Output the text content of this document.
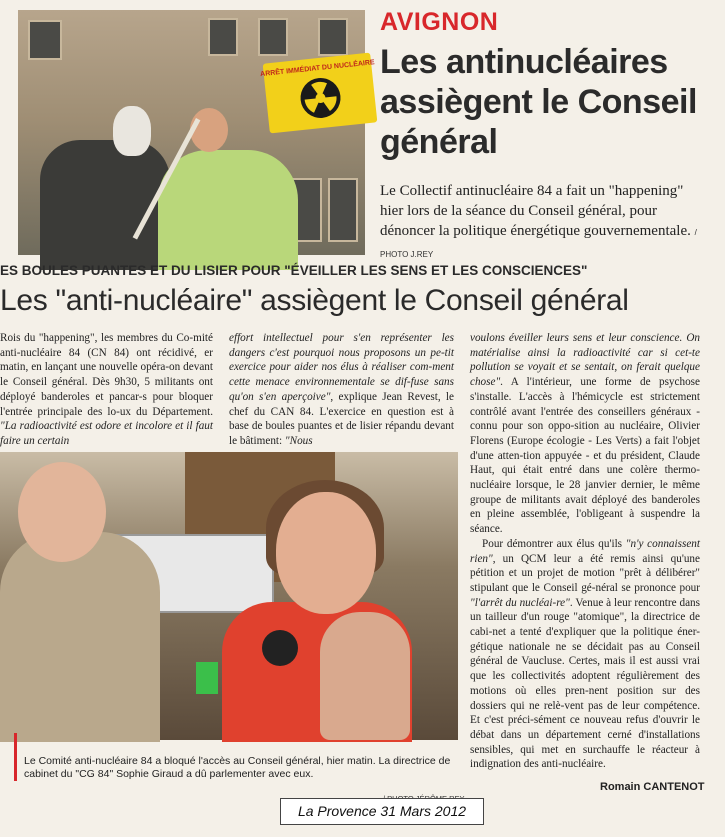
ARRÊT IMMÉDIAT DU NUCLÉAIRE
AVIGNON
Les antinucléaires assiègent le Conseil général
Le Collectif antinucléaire 84 a fait un "happening" hier lors de la séance du Conseil général, pour dénoncer la politique énergétique gouvernementale. / PHOTO J.REY
ES BOULES PUANTES ET DU LISIER POUR "ÉVEILLER LES SENS ET LES CONSCIENCES"
Les "anti-nucléaire" assiègent le Conseil général

Rois du "happening", les membres du Co-mité anti-nucléaire 84 (CN 84) ont récidivé, er matin, en lançant une nouvelle opéra-on devant le Conseil général. Dès 9h30, 5 militants ont déployé banderoles et pancar-s pour bloquer l'entrée principale des lo-ux du Département. "La radioactivité est odore et incolore et il faut faire un certain

effort intellectuel pour s'en représenter les dangers c'est pourquoi nous proposons un pe-tit exercice pour aider nos élus à réaliser com-ment cette menace environnementale se dif-fuse sans qu'on s'en aperçoive", explique Jean Revest, le chef du CAN 84. L'exercice en question est à base de boules puantes et de lisier répandu devant le bâtiment: "Nous

voulons éveiller leurs sens et leur conscience. On matérialise ainsi la radioactivité car si cet-te pollution se voyait et se sentait, on ferait quelque chose". A l'intérieur, une forme de psychose s'installe. L'accès à l'hémicycle est strictement contrôlé avant l'entrée des conseillers généraux - connu pour son oppo-sition au nucléaire, Olivier Florens (Europe écologie - Les Verts) a fait l'objet d'une atten-tion appuyée - et du président, Claude Haut, qui était entré dans une colère thermo-nucléaire lorsque, le 28 janvier dernier, le même groupe de militants avait déployé des banderoles en pleine assemblée, l'obligeant à suspendre la séance.

Pour démontrer aux élus qu'ils "n'y connaissent rien", un QCM leur a été remis ainsi qu'une pétition et un projet de motion "prêt à délibérer" stipulant que le Conseil gé-néral se prononce pour "l'arrêt du nucléai-re". Venue à leur rencontre dans un tailleur d'un rouge "atomique", la directrice de cabi-net a tenté d'expliquer que la politique éner-gétique nationale ne se décidait pas au Conseil général de Vaucluse. Certes, mais il est aussi vrai que les collectivités adoptent régulièrement des motions où elles pren-nent position sur des dossiers qui ne relè-vent pas de leur compétence. Et c'est préci-sément ce nouveau refus d'ouvrir le débat dans un département cerné d'installations sensibles, qui met en surchauffe le réacteur à indignation des anti-nucléaire.

Le Comité anti-nucléaire 84 a bloqué l'accès au Conseil général, hier matin. La directrice de cabinet du "CG 84" Sophie Giraud a dû parlementer avec eux.
Romain CANTENOT
La Provence 31 Mars 2012
